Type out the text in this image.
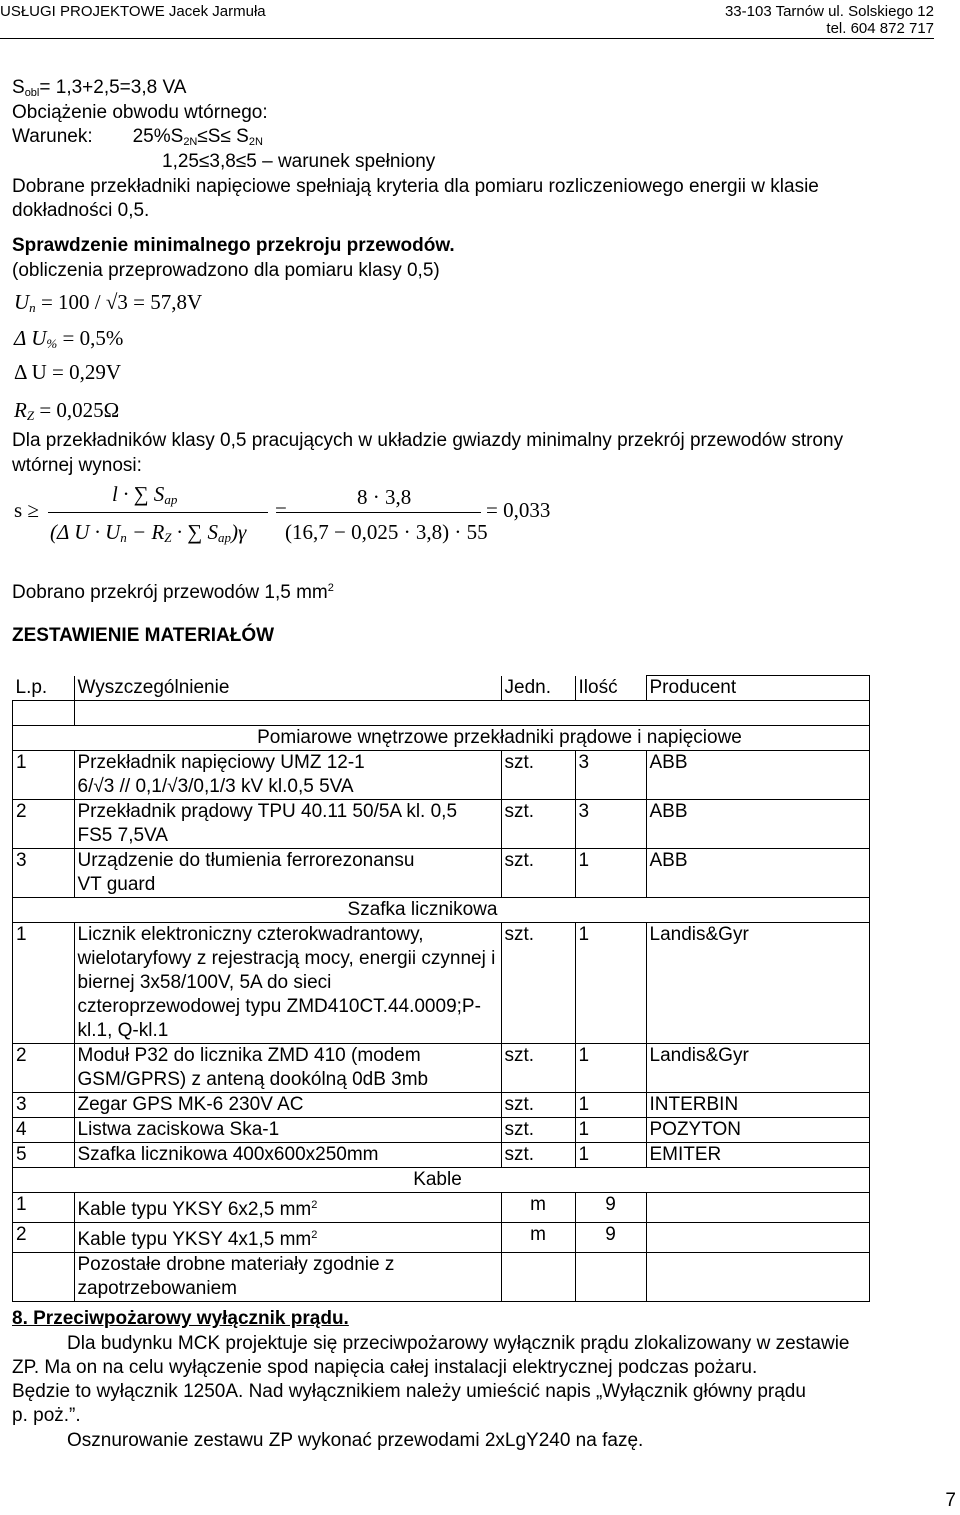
USŁUGI PROJEKTOWE Jacek Jarmuła	33-103 Tarnów ul. Solskiego 12
tel. 604 872 717
$S_{obl}= 1,3+2,5=3,8$ VA
Obciążenie obwodu wtórnego:
Warunek: $25\%S_{2N}\le S\le S_{2N}$
1,25≤3,8≤5 – warunek spełniony
Dobrane przekładniki napięciowe spełniają kryteria dla pomiaru rozliczeniowego energii w klasie
dokładności 0,5.
Sprawdzenie minimalnego przekroju przewodów.
(obliczenia przeprowadzono dla pomiaru klasy 0,5)
$U_n = 100 / √3 = 57,8V$
Δ $U_{\%} = 0,5\%$
Δ U = 0,29V
$R_Z = 0,025\Omega$
Dla przekładników klasy 0,5 pracujących w układzie gwiazdy minimalny przekrój przewodów strony
wtórnej wynosi:
s ≥
l · ∑ $S_{ap}$
(Δ $U \cdot U_n - R_Z$ · ∑ $S_{ap})\gamma$
=
8 · 3,8
(16,7 − 0,025 · 3,8) · 55
= 0,033
Dobrano przekrój przewodów 1,5 $mm^2$
ZESTAWIENIE MATERIAŁÓW
L.p.	Wyszczególnienie	Jedn.	Ilość	Producent

Pomiarowe wnętrzowe przekładniki prądowe i napięciowe				
1	Przekładnik napięciowy UMZ 12-1
6/√3 // 0,1/√3/0,1/3 kV kl.0,5 5VA	szt.	3	ABB
2	Przekładnik prądowy TPU 40.11 50/5A kl. 0,5
FS5 7,5VA	szt.	3	ABB
3	Urządzenie do tłumienia ferrorezonansu
VT guard	szt.	1	ABB
Szafka licznikowa				
1	Licznik elektroniczny czterokwadrantowy,
wielotaryfowy z rejestracją mocy, energii czynnej i
biernej 3x58/100V, 5A do sieci
czteroprzewodowej typu ZMD410CT.44.0009;P-
kl.1, Q-kl.1	szt.	1	Landis&Gyr
2	Moduł P32 do licznika ZMD 410 (modem
GSM/GPRS) z anteną dookólną 0dB 3mb	szt.	1	Landis&Gyr
3	Zegar GPS MK-6 230V AC	szt.	1	INTERBIN
4	Listwa zaciskowa Ska-1	szt.	1	POZYTON
5	Szafka licznikowa 400x600x250mm	szt.	1	EMITER
Kable				
1	Kable typu YKSY 6x2,5 $mm^2$	m	9	
2	Kable typu YKSY 4x1,5 $mm^2$	m	9	
	Pozostałe drobne materiały zgodnie z
zapotrzebowaniem			
8. Przeciwpożarowy wyłącznik prądu.
Dla budynku MCK projektuje się przeciwpożarowy wyłącznik prądu zlokalizowany w zestawie
ZP. Ma on na celu wyłączenie spod napięcia całej instalacji elektrycznej podczas pożaru.
Będzie to wyłącznik 1250A. Nad wyłącznikiem należy umieścić napis „Wyłącznik główny prądu
p. poż.”.
Osznurowanie zestawu ZP wykonać przewodami 2xLgY240 na fazę.
7
